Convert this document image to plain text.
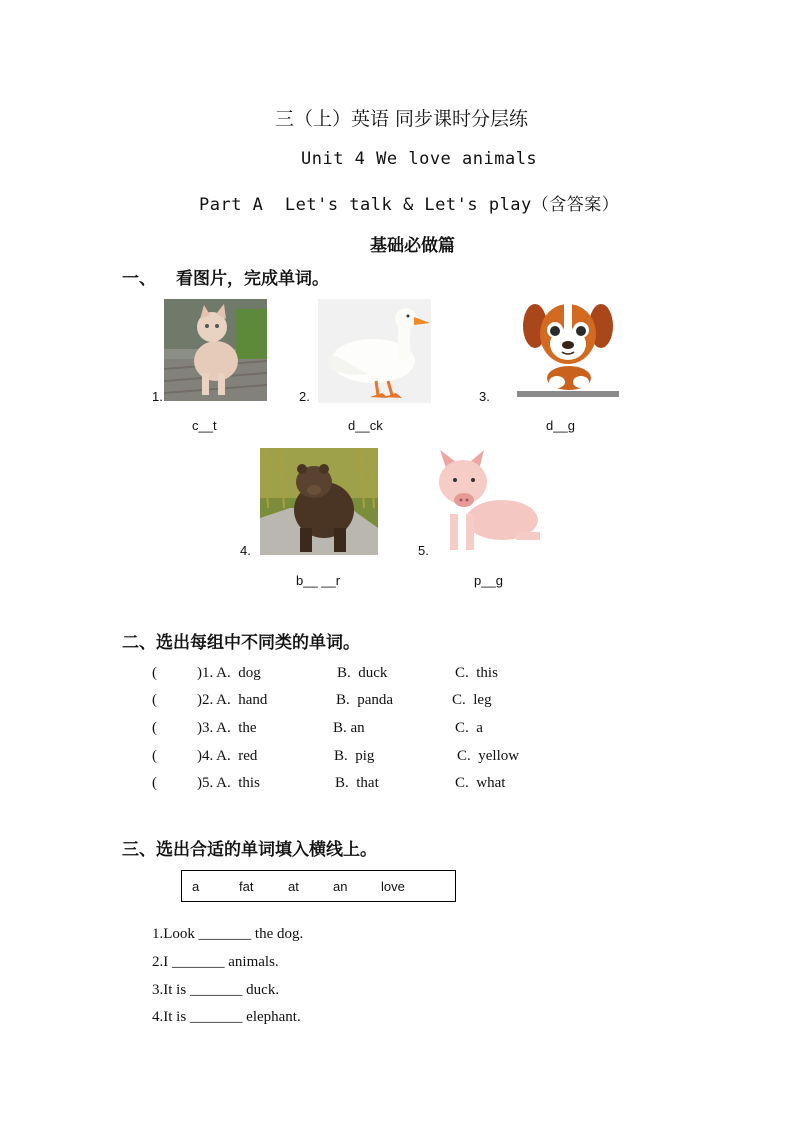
三（上）英语 同步课时分层练
Unit 4 We love animals
Part A  Let's talk & Let's play（含答案）
基础必做篇
一、 看图片，完成单词。
1.
c__t
2.
d__ck
3.
d__g
4.
b__ __r
5.
p__g
二、选出每组中不同类的单词。
(	)1. A.  dog	B.  duck	C.  this
(	)2. A.  hand	B.  panda	C.  leg
(	)3. A.  the	B. an	C.  a
(	)4. A.  red	B.  pig	C.  yellow
(	)5. A.  this	B.  that	C.  what
三、选出合适的单词填入横线上。
a	fat	at	an	love
1.Look _______ the dog.
2.I _______ animals.
3.It is _______ duck.
4.It is _______ elephant.
